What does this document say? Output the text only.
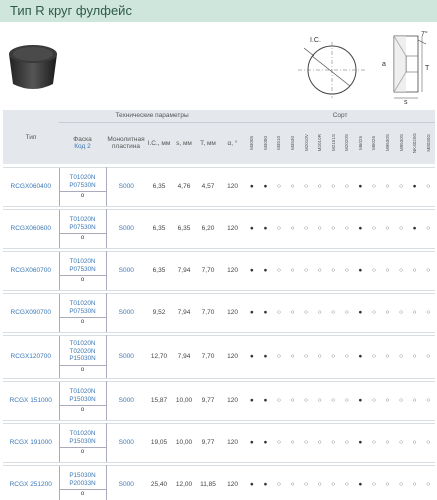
Тип R круг фулфейс
I.C.
7°
a
T
s
Тип	Технические параметры						Сорт													
	Фаска
Код 2	Монолитная пластина	I.C., мм	s, мм	T, мм	α, °	M3005	M3080	M3510	M3530	M2010V	M2010R	M2151S	M2020S	M6025	M5025	M9530S	M9530S	NK4020G	M8030G

RCGX060400	T01020N
P07530N
o	S000	6,35	4,76	4,57	120	●	●	○	○	○	○	○	○	●	○	○	○	●	○

RCGX060600	T01020N
P07530N
o	S000	6,35	6,35	6,20	120	●	●	○	○	○	○	○	○	●	○	○	○	●	○

RCGX060700	T01020N
P07530N
o	S000	6,35	7,94	7,70	120	●	●	○	○	○	○	○	○	●	○	○	○	○	○

RCGX090700	T01020N
P07530N
o	S000	9,52	7,94	7,70	120	●	●	○	○	○	○	○	○	●	○	○	○	○	○

RCGX120700	T01020N
T02020N
P15030N
o	S000	12,70	7,94	7,70	120	●	●	○	○	○	○	○	○	●	○	○	○	○	○

RCGX 151000	T01020N
P15030N
o	S000	15,87	10,00	9,77	120	●	●	○	○	○	○	○	○	●	○	○	○	○	○

RCGX 191000	T01020N
P15030N
o	S000	19,05	10,00	9,77	120	●	●	○	○	○	○	○	○	●	○	○	○	○	○

RCGX 251200	P15030N
P20033N
o	S000	25,40	12,00	11,85	120	●	●	○	○	○	○	○	○	●	○	○	○	○	○
